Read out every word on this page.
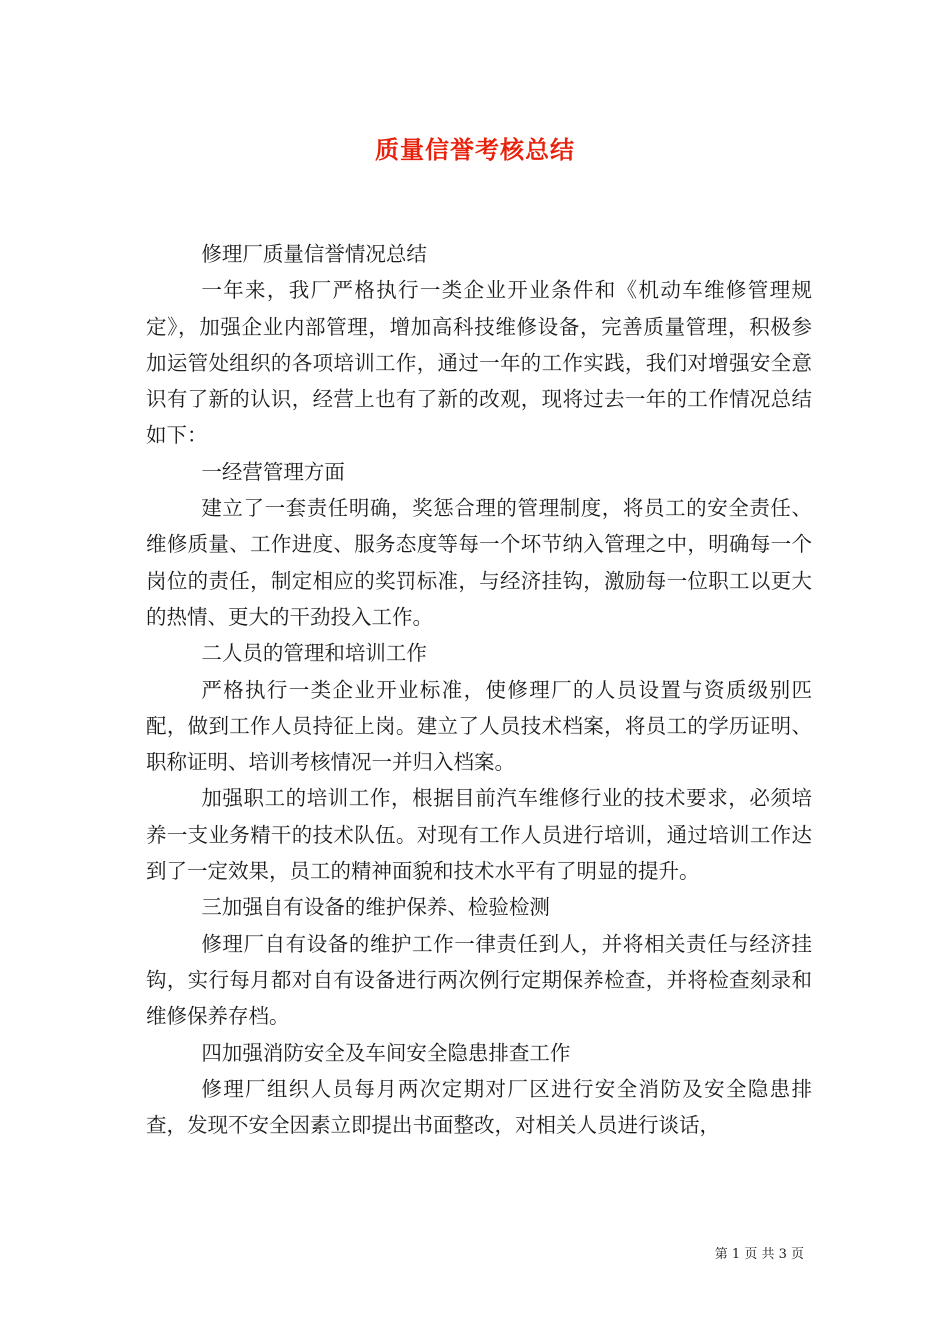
质量信誉考核总结

修理厂质量信誉情况总结

一年来，我厂严格执行一类企业开业条件和《机动车维修管理规定》，加强企业内部管理，增加高科技维修设备，完善质量管理，积极参加运管处组织的各项培训工作，通过一年的工作实践，我们对增强安全意识有了新的认识，经营上也有了新的改观，现将过去一年的工作情况总结如下：

一经营管理方面

建立了一套责任明确，奖惩合理的管理制度，将员工的安全责任、维修质量、工作进度、服务态度等每一个坏节纳入管理之中，明确每一个岗位的责任，制定相应的奖罚标准，与经济挂钩，激励每一位职工以更大的热情、更大的干劲投入工作。

二人员的管理和培训工作

严格执行一类企业开业标准，使修理厂的人员设置与资质级别匹配，做到工作人员持征上岗。建立了人员技术档案，将员工的学历证明、职称证明、培训考核情况一并归入档案。

加强职工的培训工作，根据目前汽车维修行业的技术要求，必须培养一支业务精干的技术队伍。对现有工作人员进行培训，通过培训工作达到了一定效果，员工的精神面貌和技术水平有了明显的提升。

三加强自有设备的维护保养、检验检测

修理厂自有设备的维护工作一律责任到人，并将相关责任与经济挂钩，实行每月都对自有设备进行两次例行定期保养检查，并将检查刻录和维修保养存档。

四加强消防安全及车间安全隐患排查工作

修理厂组织人员每月两次定期对厂区进行安全消防及安全隐患排查，发现不安全因素立即提出书面整改，对相关人员进行谈话，

第 1 页 共 3 页
